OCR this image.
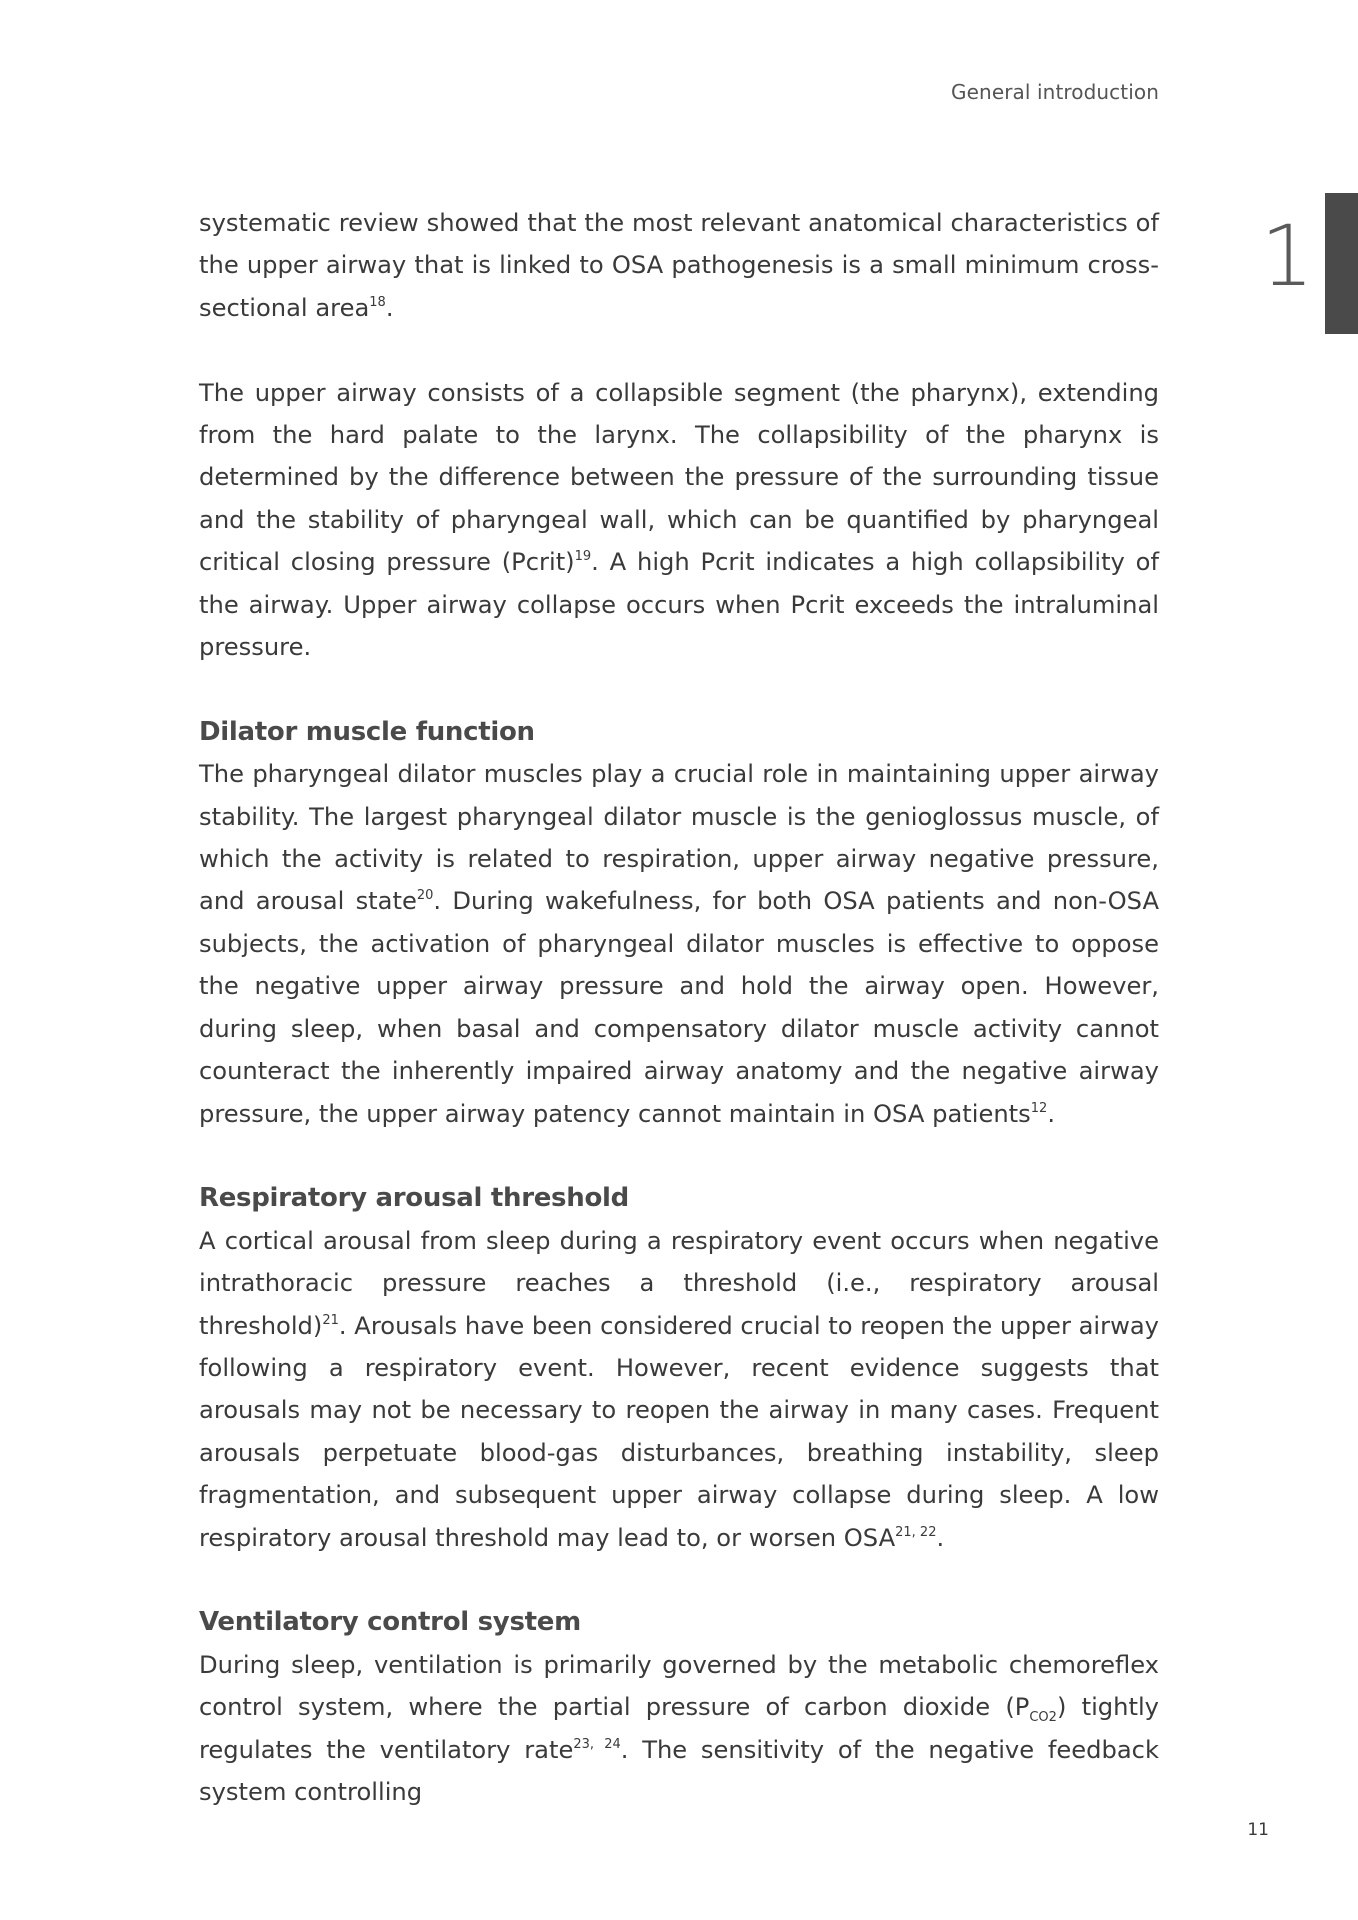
General introduction
1

systematic review showed that the most relevant anatomical characteristics of the upper airway that is linked to OSA pathogenesis is a small minimum cross-sectional area$^{18}$.

The upper airway consists of a collapsible segment (the pharynx), extending from the hard palate to the larynx. The collapsibility of the pharynx is determined by the difference between the pressure of the surrounding tissue and the stability of pharyngeal wall, which can be quantified by pharyngeal critical closing pressure (Pcrit)$^{19}$. A high Pcrit indicates a high collapsibility of the airway. Upper airway collapse occurs when Pcrit exceeds the intraluminal pressure.

Dilator muscle function

The pharyngeal dilator muscles play a crucial role in maintaining upper airway stability. The largest pharyngeal dilator muscle is the genioglossus muscle, of which the activity is related to respiration, upper airway negative pressure, and arousal state$^{20}$. During wakefulness, for both OSA patients and non-OSA subjects, the activation of pharyngeal dilator muscles is effective to oppose the negative upper airway pressure and hold the airway open. However, during sleep, when basal and compensatory dilator muscle activity cannot counteract the inherently impaired airway anatomy and the negative airway pressure, the upper airway patency cannot maintain in OSA patients$^{12}$.

Respiratory arousal threshold

A cortical arousal from sleep during a respiratory event occurs when negative intrathoracic pressure reaches a threshold (i.e., respiratory arousal threshold)$^{21}$. Arousals have been considered crucial to reopen the upper airway following a respiratory event. However, recent evidence suggests that arousals may not be necessary to reopen the airway in many cases. Frequent arousals perpetuate blood-gas disturbances, breathing instability, sleep fragmentation, and subsequent upper airway collapse during sleep. A low respiratory arousal threshold may lead to, or worsen OSA$^{21, 22}$.

Ventilatory control system

During sleep, ventilation is primarily governed by the metabolic chemoreflex control system, where the partial pressure of carbon dioxide $(P_{CO2})$ tightly regulates the ventilatory rate$^{23, 24}$. The sensitivity of the negative feedback system controlling

11
